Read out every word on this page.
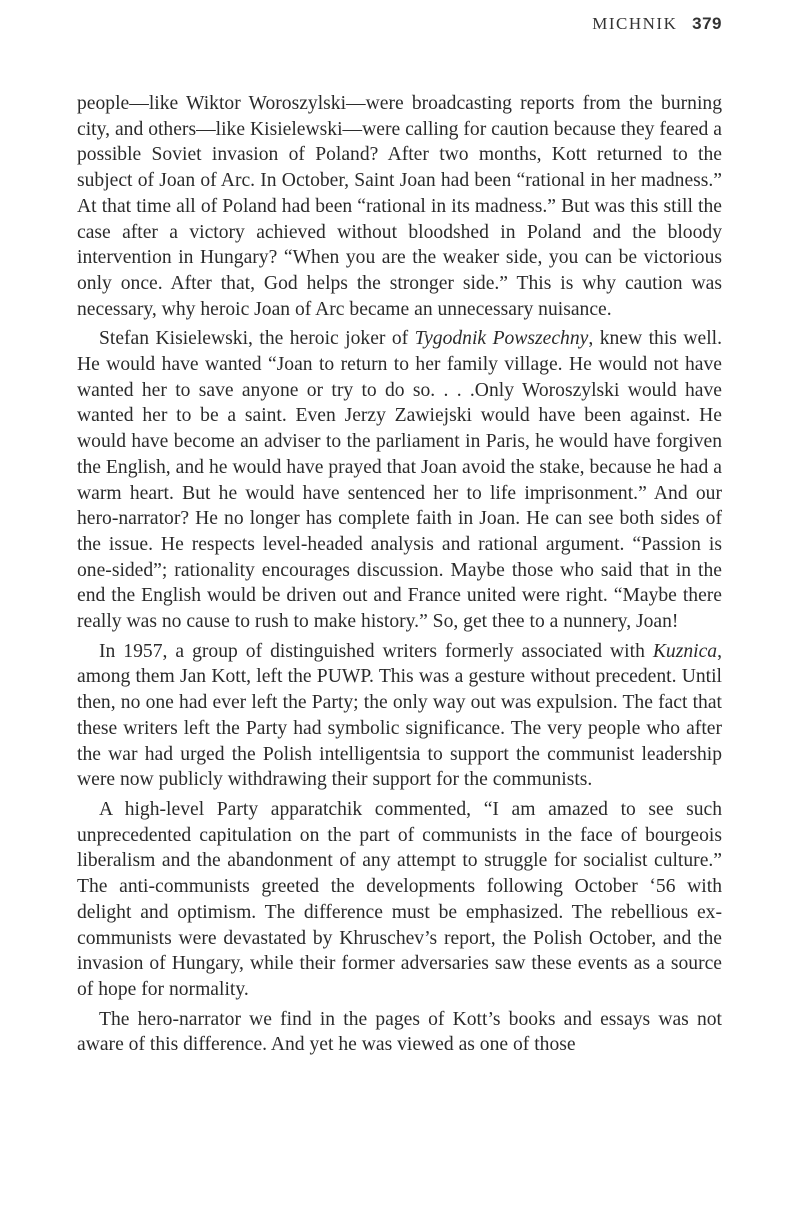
MICHNIK 379

people—like Wiktor Woroszylski—were broadcasting reports from the burning city, and others—like Kisielewski—were calling for caution because they feared a possible Soviet invasion of Poland? After two months, Kott returned to the subject of Joan of Arc. In October, Saint Joan had been “rational in her madness.” At that time all of Poland had been “rational in its madness.” But was this still the case after a victory achieved without bloodshed in Poland and the bloody intervention in Hungary? “When you are the weaker side, you can be victorious only once. After that, God helps the stronger side.” This is why caution was necessary, why heroic Joan of Arc became an unnecessary nuisance.

Stefan Kisielewski, the heroic joker of Tygodnik Powszechny, knew this well. He would have wanted “Joan to return to her family village. He would not have wanted her to save anyone or try to do so. . . .Only Woroszylski would have wanted her to be a saint. Even Jerzy Zawiejski would have been against. He would have become an adviser to the parliament in Paris, he would have forgiven the English, and he would have prayed that Joan avoid the stake, because he had a warm heart. But he would have sentenced her to life imprisonment.” And our hero-narrator? He no longer has complete faith in Joan. He can see both sides of the issue. He respects level-headed analysis and rational argument. “Passion is one-sided”; rationality encourages discussion. Maybe those who said that in the end the English would be driven out and France united were right. “Maybe there really was no cause to rush to make history.” So, get thee to a nunnery, Joan!

In 1957, a group of distinguished writers formerly associated with Kuznica, among them Jan Kott, left the PUWP. This was a gesture without precedent. Until then, no one had ever left the Party; the only way out was expulsion. The fact that these writers left the Party had symbolic significance. The very people who after the war had urged the Polish intelligentsia to support the communist leadership were now publicly withdrawing their support for the communists.

A high-level Party apparatchik commented, “I am amazed to see such unprecedented capitulation on the part of communists in the face of bourgeois liberalism and the abandonment of any attempt to struggle for socialist culture.” The anti-communists greeted the developments following October ‘56 with delight and optimism. The difference must be emphasized. The rebellious ex-communists were devastated by Khruschev’s report, the Polish October, and the invasion of Hungary, while their former adversaries saw these events as a source of hope for normality.

The hero-narrator we find in the pages of Kott’s books and essays was not aware of this difference. And yet he was viewed as one of those
